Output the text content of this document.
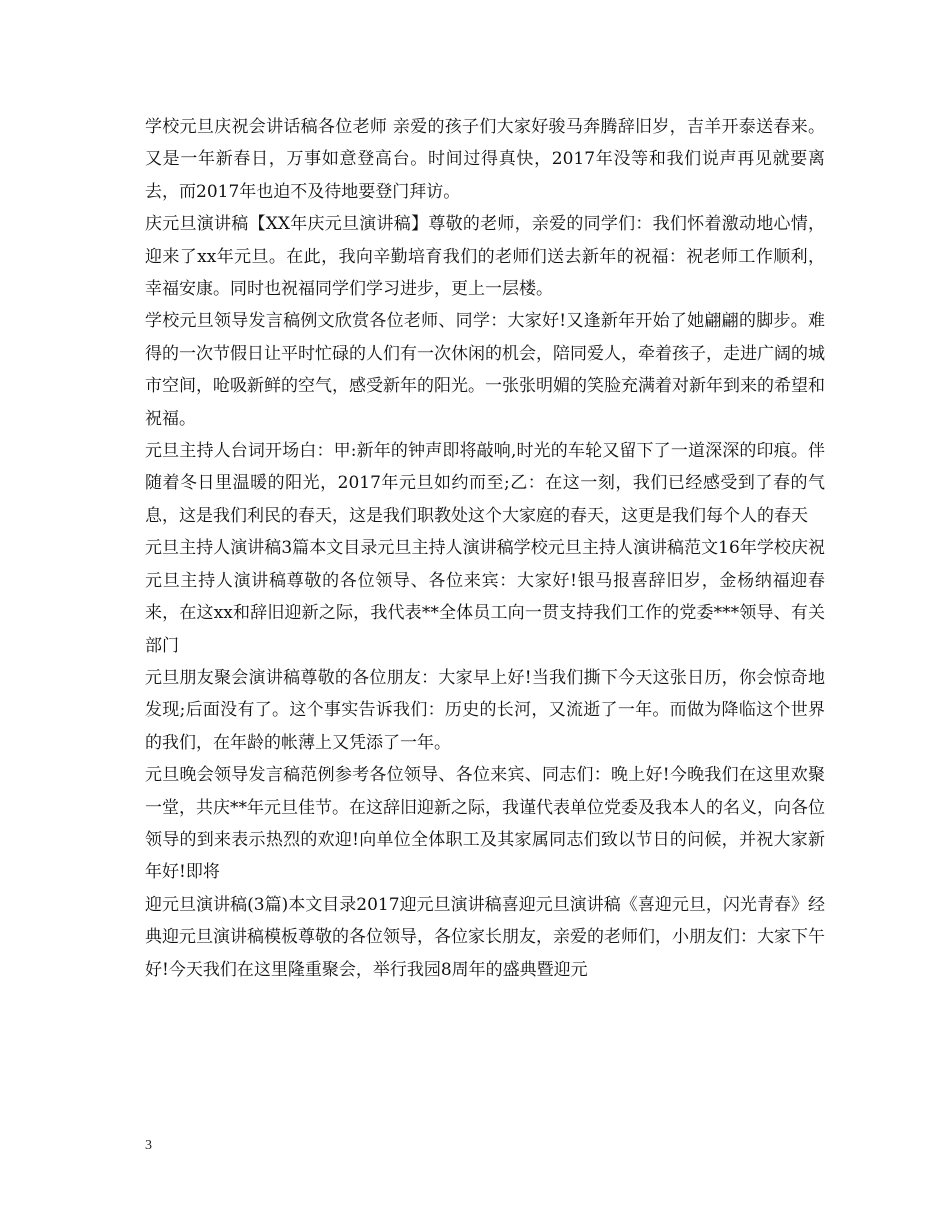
学校元旦庆祝会讲话稿各位老师 亲爱的孩子们大家好骏马奔腾辞旧岁，吉羊开泰送春来。又是一年新春日，万事如意登高台。时间过得真快，2017年没等和我们说声再见就要离去，而2017年也迫不及待地要登门拜访。

庆元旦演讲稿【XX年庆元旦演讲稿】尊敬的老师，亲爱的同学们：我们怀着激动地心情，迎来了xx年元旦。在此，我向辛勤培育我们的老师们送去新年的祝福：祝老师工作顺利，幸福安康。同时也祝福同学们学习进步，更上一层楼。

学校元旦领导发言稿例文欣赏各位老师、同学：大家好!又逢新年开始了她翩翩的脚步。难得的一次节假日让平时忙碌的人们有一次休闲的机会，陪同爱人，牵着孩子，走进广阔的城市空间，呛吸新鲜的空气，感受新年的阳光。一张张明媚的笑脸充满着对新年到来的希望和祝福。

元旦主持人台词开场白：甲:新年的钟声即将敲响,时光的车轮又留下了一道深深的印痕。伴随着冬日里温暖的阳光，2017年元旦如约而至;乙：在这一刻，我们已经感受到了春的气息，这是我们利民的春天，这是我们职教处这个大家庭的春天，这更是我们每个人的春天

元旦主持人演讲稿3篇本文目录元旦主持人演讲稿学校元旦主持人演讲稿范文16年学校庆祝元旦主持人演讲稿尊敬的各位领导、各位来宾：大家好!银马报喜辞旧岁，金杨纳福迎春来，在这xx和辞旧迎新之际，我代表**全体员工向一贯支持我们工作的党委***领导、有关部门

元旦朋友聚会演讲稿尊敬的各位朋友：大家早上好!当我们撕下今天这张日历，你会惊奇地发现;后面没有了。这个事实告诉我们：历史的长河，又流逝了一年。而做为降临这个世界的我们，在年龄的帐薄上又凭添了一年。

元旦晚会领导发言稿范例参考各位领导、各位来宾、同志们：晚上好!今晚我们在这里欢聚一堂，共庆**年元旦佳节。在这辞旧迎新之际，我谨代表单位党委及我本人的名义，向各位领导的到来表示热烈的欢迎!向单位全体职工及其家属同志们致以节日的问候，并祝大家新年好!即将

迎元旦演讲稿(3篇)本文目录2017迎元旦演讲稿喜迎元旦演讲稿《喜迎元旦，闪光青春》经典迎元旦演讲稿模板尊敬的各位领导，各位家长朋友，亲爱的老师们，小朋友们：大家下午好!今天我们在这里隆重聚会，举行我园8周年的盛典暨迎元

3
